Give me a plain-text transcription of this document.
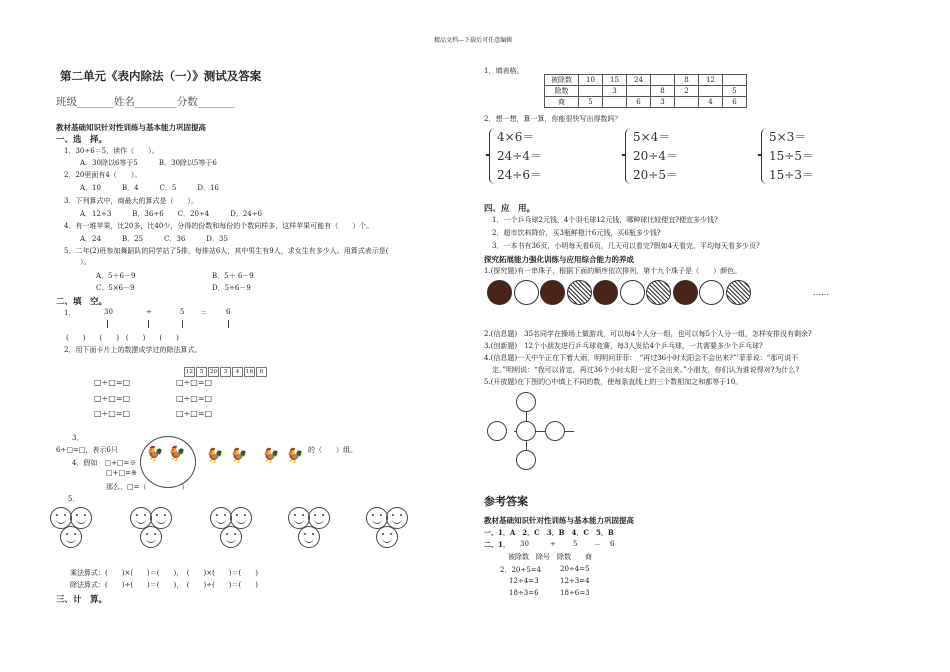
精品文档---下载后可任意编辑
第二单元《表内除法（一）》测试及答案
班级_______姓名________分数_______
教材基础知识针对性训练与基本能力巩固提高
一、选　择。
1．30÷6＝5，读作（　　）。
A．30除以6等于5　　　B．30除以5等于6
2．20里面有4（　　）。
A．10　　　B．4　　　C．5　　　D．16
3．下列算式中，商最大的算式是（　　）。
A．12÷3　　　B．36÷6　　C．20÷4　　　D．24÷6
4．有一堆苹果，比20多，比40少，分得的份数和每份的个数同样多，这样苹果可能有（　　）个。
A．24　　　B．25　　　C．36　　　D．35
5．二年(2)班参加舞蹈队的同学站了5排，每排站6人，其中男生有9人，求女生有多少人。用算式表示是(
）。
A．5＋6－9	B．5＋ 6－9
C．5×6－9	D．5÷6－9
二、填　空。
1．	30	÷	5 ＝	6
(　　)　　(　　)　(　　)　　(　　)
2．用下面卡片上的数摆成学过的除法算式。
12 5 20 3 4 16 6
□÷□=□	□÷□=□
□÷□=□	□÷□=□
□÷□=□	□÷□=□
3．
6÷□=□，表示6只 🐓 🐓 🐓 🐓 🐓 🐓 的（　　）组。
4．假如　□+□=※
□+□=※
那么，□=（　　　　　）
5．
乘法算式：(　　)×(　　)＝(　　)，　(　　)×(　　)＝(　　)
除法算式：(　　)÷(　　)＝(　　)，　(　　)÷(　　)＝(　　)
三、计　算。
1．填表格。
被除数	10	15	24		8	12	
除数		3		8	2		5
商	5		6	3		4	6
2．想一想，算一算，你能很快写出得数吗？
4×6＝
24÷4＝
24÷6＝
5×4＝
20÷4＝
20÷5＝
5×3＝
15÷5＝
15÷3＝
四、应　用。
1．一个乒乓球2元钱，4个羽毛球12元钱，哪种球比较便宜?便宜多少钱?
2．超市饮料降价，买3瓶鲜橙汁6元钱，买6瓶多少钱?
3．一本书有36页，小明每天看6页，几天可以看完?假如4天看完，平均每天看多少页?
探究拓展能力强化训练与应用综合能力的养成
1.(探究题)有一串珠子，根据下面的顺序依次排列，第十九个珠子是（　　）颜色。
……
2.(信息题)　35名同学在操场上做游戏，可以每4个人分一组，也可以每5个人分一组，怎样安排没有剩余?
3.(创新题)　12个小朋友进行乒乓球竞赛，每3人发给4个乒乓球，一共需要多少个乒乓球?
4.(信息题)一天中午正在下着大雨，明明问菲菲：　“再过36小时太阳会不会出来?”’菲菲说：“那可说不
定。”明明说：“我可以肯定，再过36个小时太阳一定不会出来。”小朋友，你们认为谁说得对?为什么?
5.(开放题)在下图的○中填上不同的数，使每条直线上的三个数相加之和都等于10。
参考答案
教材基础知识针对性训练与基本能力巩固提高
一、1．A　2．C　3．B　4．C　5．B
二、1． 30	÷ 5 － 6
被除数　除号　除数　　商
2．20÷5=4	20÷4=5
12÷4=3	12÷3=4
18÷3=6	18÷6=3
